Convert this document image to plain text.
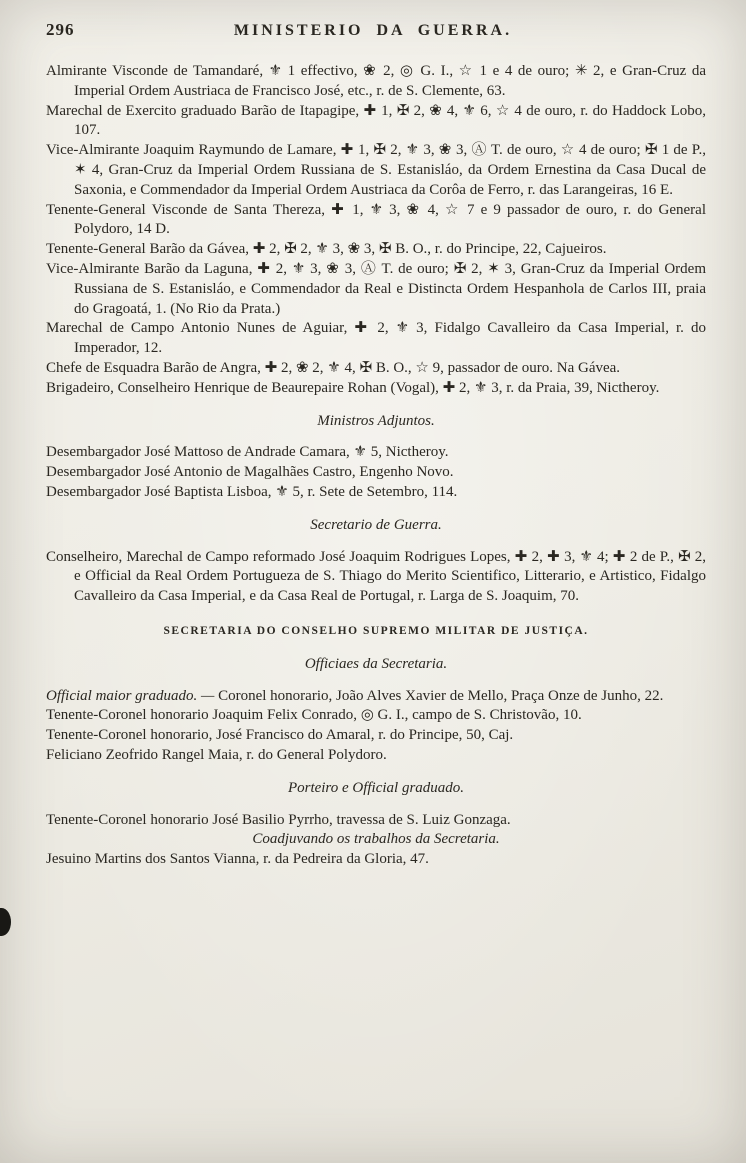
296	MINISTERIO DA GUERRA.

Almirante Visconde de Tamandaré, ⚜ 1 effectivo, ❀ 2, ◎ G. I., ☆ 1 e 4 de ouro; ✳ 2, e Gran-Cruz da Imperial Ordem Austriaca de Francisco José, etc., r. de S. Clemente, 63.

Marechal de Exercito graduado Barão de Itapagipe, ✚ 1, ✠ 2, ❀ 4, ⚜ 6, ☆ 4 de ouro, r. do Haddock Lobo, 107.

Vice-Almirante Joaquim Raymundo de Lamare, ✚ 1, ✠ 2, ⚜ 3, ❀ 3, Ⓐ T. de ouro, ☆ 4 de ouro; ✠ 1 de P., ✶ 4, Gran-Cruz da Imperial Ordem Russiana de S. Estanisláo, da Ordem Ernestina da Casa Ducal de Saxonia, e Commendador da Imperial Ordem Austriaca da Corôa de Ferro, r. das Larangeiras, 16 E.

Tenente-General Visconde de Santa Thereza, ✚ 1, ⚜ 3, ❀ 4, ☆ 7 e 9 passador de ouro, r. do General Polydoro, 14 D.

Tenente-General Barão da Gávea, ✚ 2, ✠ 2, ⚜ 3, ❀ 3, ✠ B. O., r. do Principe, 22, Cajueiros.

Vice-Almirante Barão da Laguna, ✚ 2, ⚜ 3, ❀ 3, Ⓐ T. de ouro; ✠ 2, ✶ 3, Gran-Cruz da Imperial Ordem Russiana de S. Estanisláo, e Commendador da Real e Distincta Ordem Hespanhola de Carlos III, praia do Gragoatá, 1. (No Rio da Prata.)

Marechal de Campo Antonio Nunes de Aguiar, ✚ 2, ⚜ 3, Fidalgo Cavalleiro da Casa Imperial, r. do Imperador, 12.

Chefe de Esquadra Barão de Angra, ✚ 2, ❀ 2, ⚜ 4, ✠ B. O., ☆ 9, passador de ouro. Na Gávea.

Brigadeiro, Conselheiro Henrique de Beaurepaire Rohan (Vogal), ✚ 2, ⚜ 3, r. da Praia, 39, Nictheroy.

Ministros Adjuntos.

Desembargador José Mattoso de Andrade Camara, ⚜ 5, Nictheroy.

Desembargador José Antonio de Magalhães Castro, Engenho Novo.

Desembargador José Baptista Lisboa, ⚜ 5, r. Sete de Setembro, 114.

Secretario de Guerra.

Conselheiro, Marechal de Campo reformado José Joaquim Rodrigues Lopes, ✚ 2, ✚ 3, ⚜ 4; ✚ 2 de P., ✠ 2, e Official da Real Ordem Portugueza de S. Thiago do Merito Scientifico, Litterario, e Artistico, Fidalgo Cavalleiro da Casa Imperial, e da Casa Real de Portugal, r. Larga de S. Joaquim, 70.

SECRETARIA DO CONSELHO SUPREMO MILITAR DE JUSTIÇA.

Officiaes da Secretaria.

Official maior graduado. — Coronel honorario, João Alves Xavier de Mello, Praça Onze de Junho, 22.

Tenente-Coronel honorario Joaquim Felix Conrado, ◎ G. I., campo de S. Christovão, 10.

Tenente-Coronel honorario, José Francisco do Amaral, r. do Principe, 50, Caj.

Feliciano Zeofrido Rangel Maia, r. do General Polydoro.

Porteiro e Official graduado.

Tenente-Coronel honorario José Basilio Pyrrho, travessa de S. Luiz Gonzaga.

Coadjuvando os trabalhos da Secretaria.

Jesuino Martins dos Santos Vianna, r. da Pedreira da Gloria, 47.
